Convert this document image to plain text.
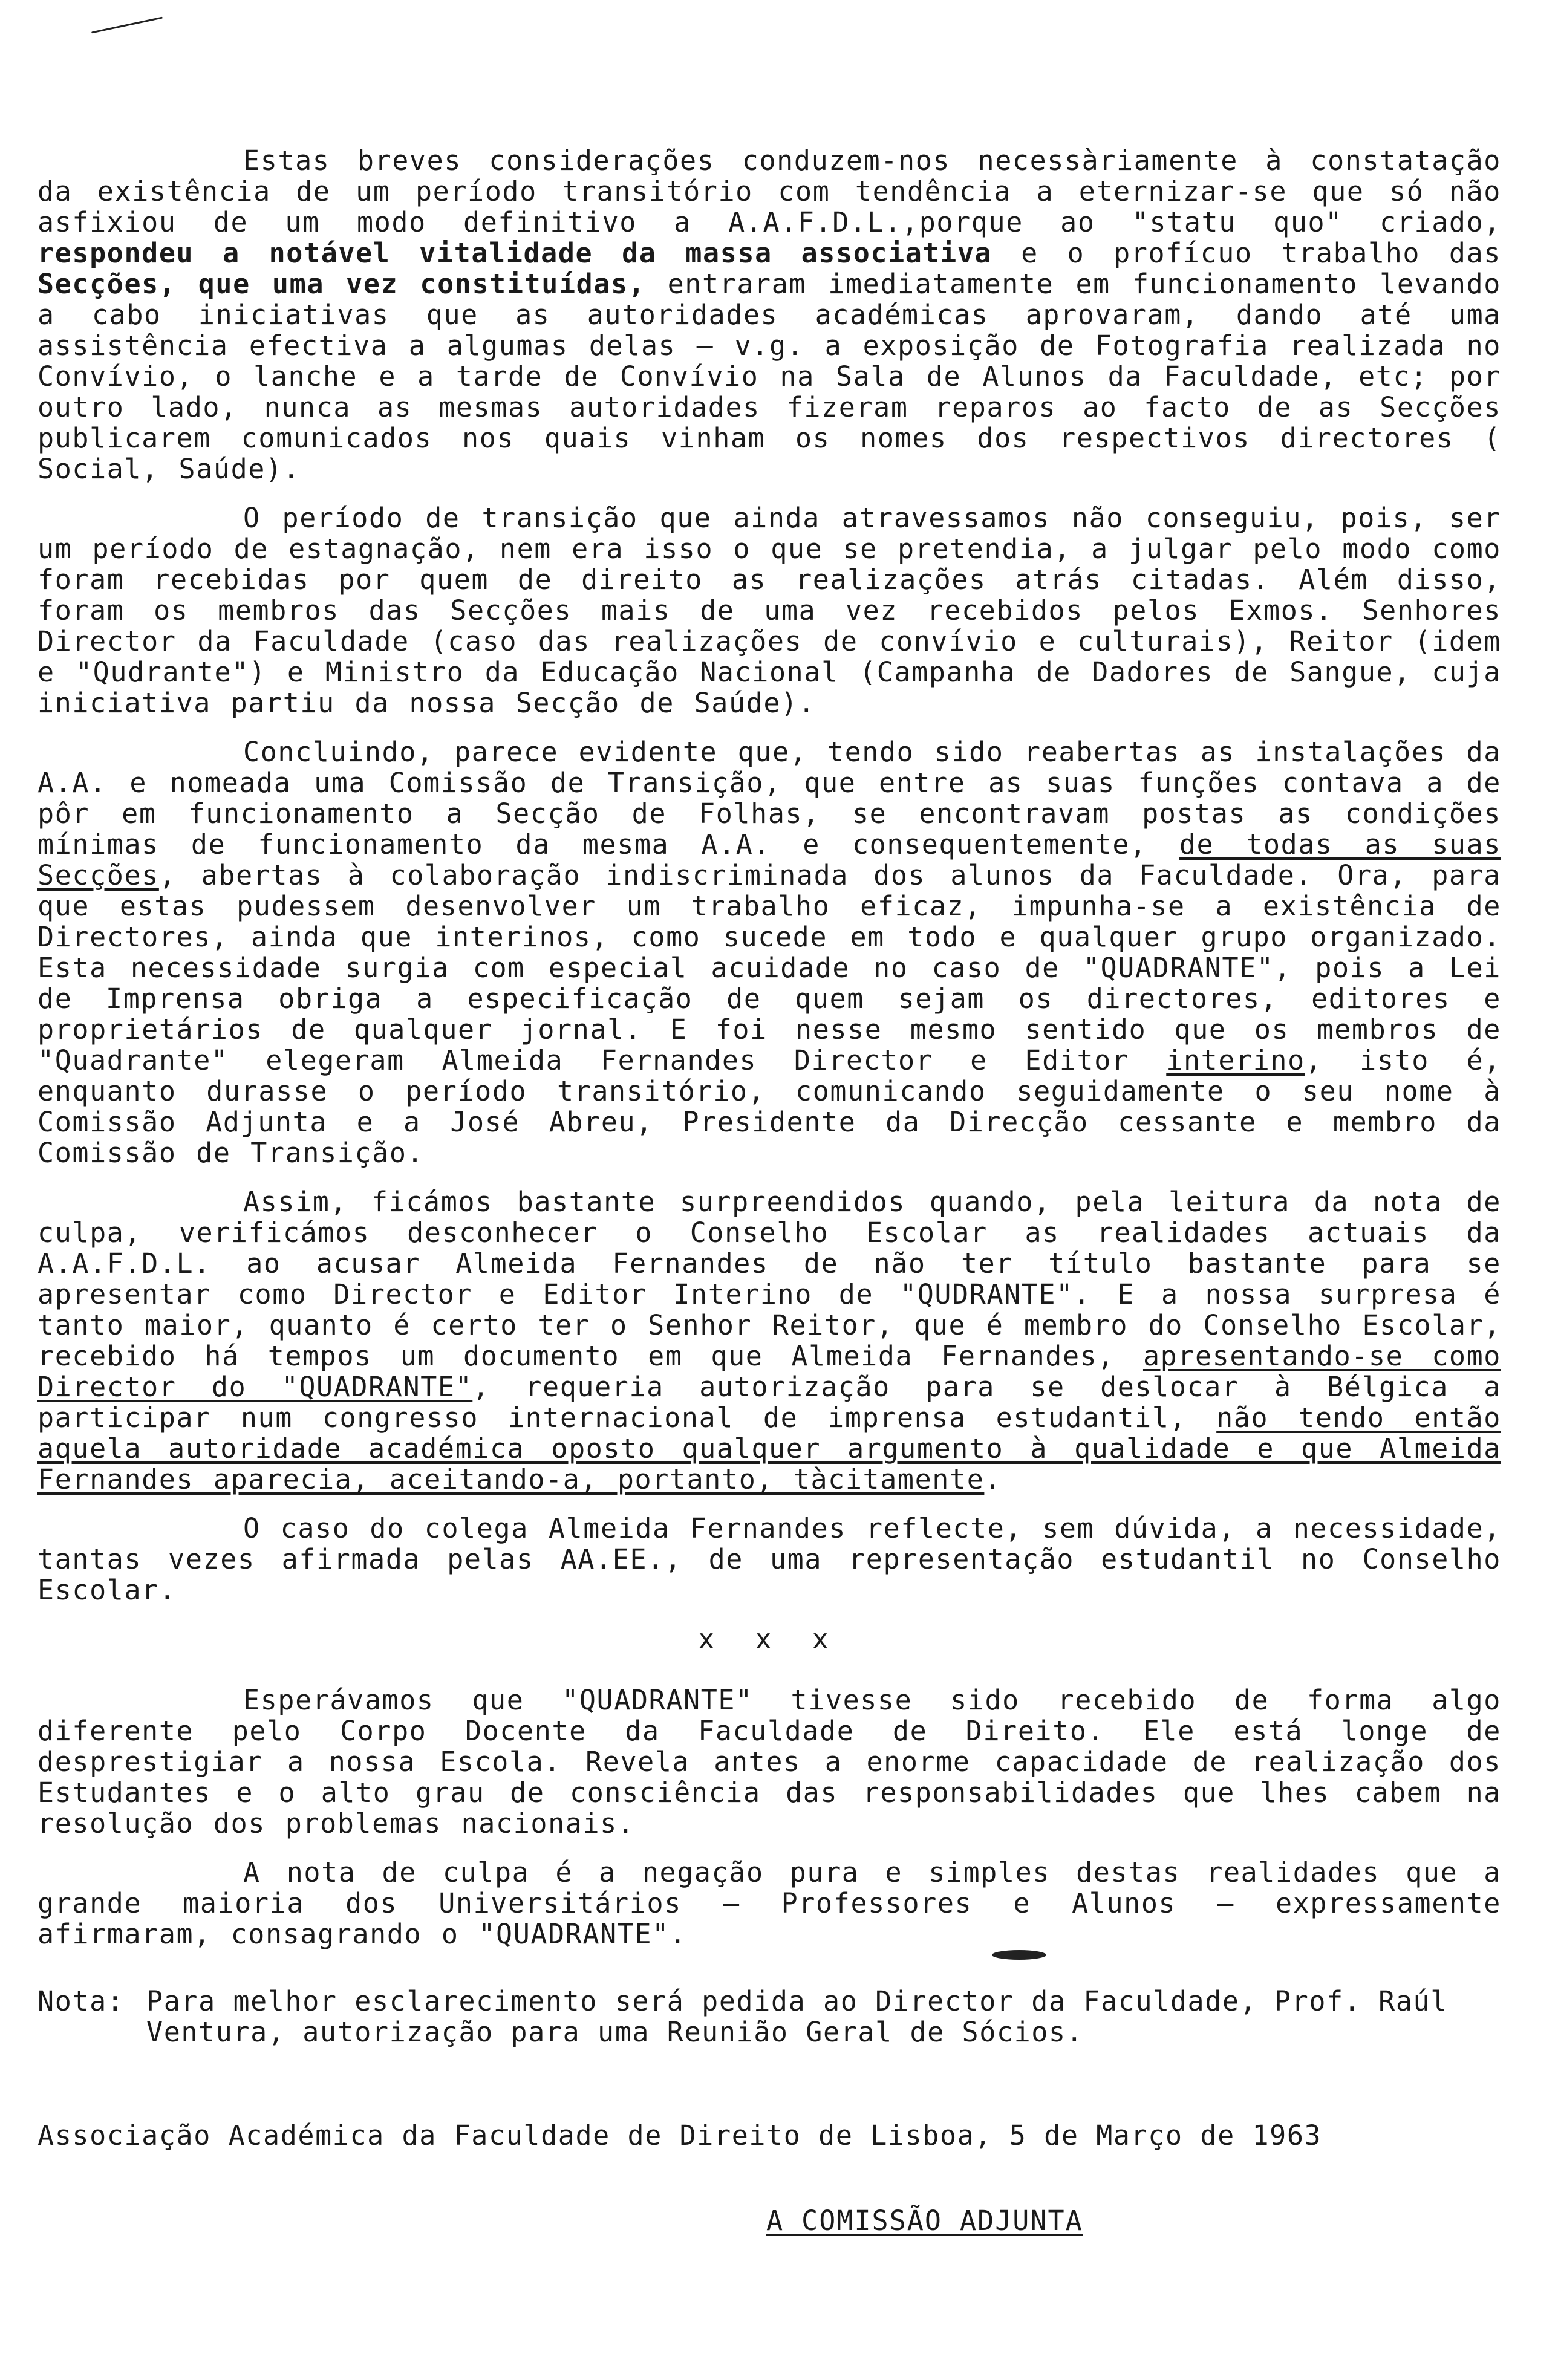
Estas breves considerações conduzem-nos necessàriamente à constatação da existência de um período transitório com tendência a eternizar-se que só não asfixiou de um modo definitivo a A.A.F.D.L.,porque ao "statu quo" criado, respondeu a notável vitalidade da massa associativa e o profícuo trabalho das Secções, que uma vez constituídas, entraram imediatamente em funcionamento levando a cabo iniciativas que as autoridades académicas aprovaram, dando até uma assistência efectiva a algumas delas — v.g. a exposição de Fotografia realizada no Convívio, o lanche e a tarde de Convívio na Sala de Alunos da Faculdade, etc; por outro lado, nunca as mesmas autoridades fizeram reparos ao facto de as Secções publicarem comunicados nos quais vinham os nomes dos respectivos directores ( Social, Saúde).

O período de transição que ainda atravessamos não conseguiu, pois, ser um período de estagnação, nem era isso o que se pretendia, a julgar pelo modo como foram recebidas por quem de direito as realizações atrás citadas. Além disso, foram os membros das Secções mais de uma vez recebidos pelos Exmos. Senhores Director da Faculdade (caso das realizações de convívio e culturais), Reitor (idem e "Qudrante") e Ministro da Educação Nacional (Campanha de Dadores de Sangue, cuja iniciativa partiu da nossa Secção de Saúde).

Concluindo, parece evidente que, tendo sido reabertas as instalações da A.A. e nomeada uma Comissão de Transição, que entre as suas funções contava a de pôr em funcionamento a Secção de Folhas, se encontravam postas as condições mínimas de funcionamento da mesma A.A. e consequentemente, de todas as suas Secções, abertas à colaboração indiscriminada dos alunos da Faculdade. Ora, para que estas pudessem desenvolver um trabalho eficaz, impunha-se a existência de Directores, ainda que interinos, como sucede em todo e qualquer grupo organizado. Esta necessidade surgia com especial acuidade no caso de "QUADRANTE", pois a Lei de Imprensa obriga a especificação de quem sejam os directores, editores e proprietários de qualquer jornal. E foi nesse mesmo sentido que os membros de "Quadrante" elegeram Almeida Fernandes Director e Editor interino, isto é, enquanto durasse o período transitório, comunicando seguidamente o seu nome à Comissão Adjunta e a José Abreu, Presidente da Direcção cessante e membro da Comissão de Transição.

Assim, ficámos bastante surpreendidos quando, pela leitura da nota de culpa, verificámos desconhecer o Conselho Escolar as realidades actuais da A.A.F.D.L. ao acusar Almeida Fernandes de não ter título bastante para se apresentar como Director e Editor Interino de "QUDRANTE". E a nossa surpresa é tanto maior, quanto é certo ter o Senhor Reitor, que é membro do Conselho Escolar, recebido há tempos um documento em que Almeida Fernandes, apresentando-se como Director do "QUADRANTE", requeria autorização para se deslocar à Bélgica a participar num congresso internacional de imprensa estudantil, não tendo então aquela autoridade académica oposto qualquer argumento à qualidade e que Almeida Fernandes aparecia, aceitando-a, portanto, tàcitamente.

O caso do colega Almeida Fernandes reflecte, sem dúvida, a necessidade, tantas vezes afirmada pelas AA.EE., de uma representação estudantil no Conselho Escolar.

x x x

Esperávamos que "QUADRANTE" tivesse sido recebido de forma algo diferente pelo Corpo Docente da Faculdade de Direito. Ele está longe de desprestigiar a nossa Escola. Revela antes a enorme capacidade de realização dos Estudantes e o alto grau de consciência das responsabilidades que lhes cabem na resolução dos problemas nacionais.

A nota de culpa é a negação pura e simples destas realidades que a grande maioria dos Universitários — Professores e Alunos — expressamente afirmaram, consagrando o "QUADRANTE".

Nota: Para melhor esclarecimento será pedida ao Director da Faculdade, Prof. Raúl Ventura, autorização para uma Reunião Geral de Sócios.
Associação Académica da Faculdade de Direito de Lisboa, 5 de Março de 1963
A COMISSÃO ADJUNTA
